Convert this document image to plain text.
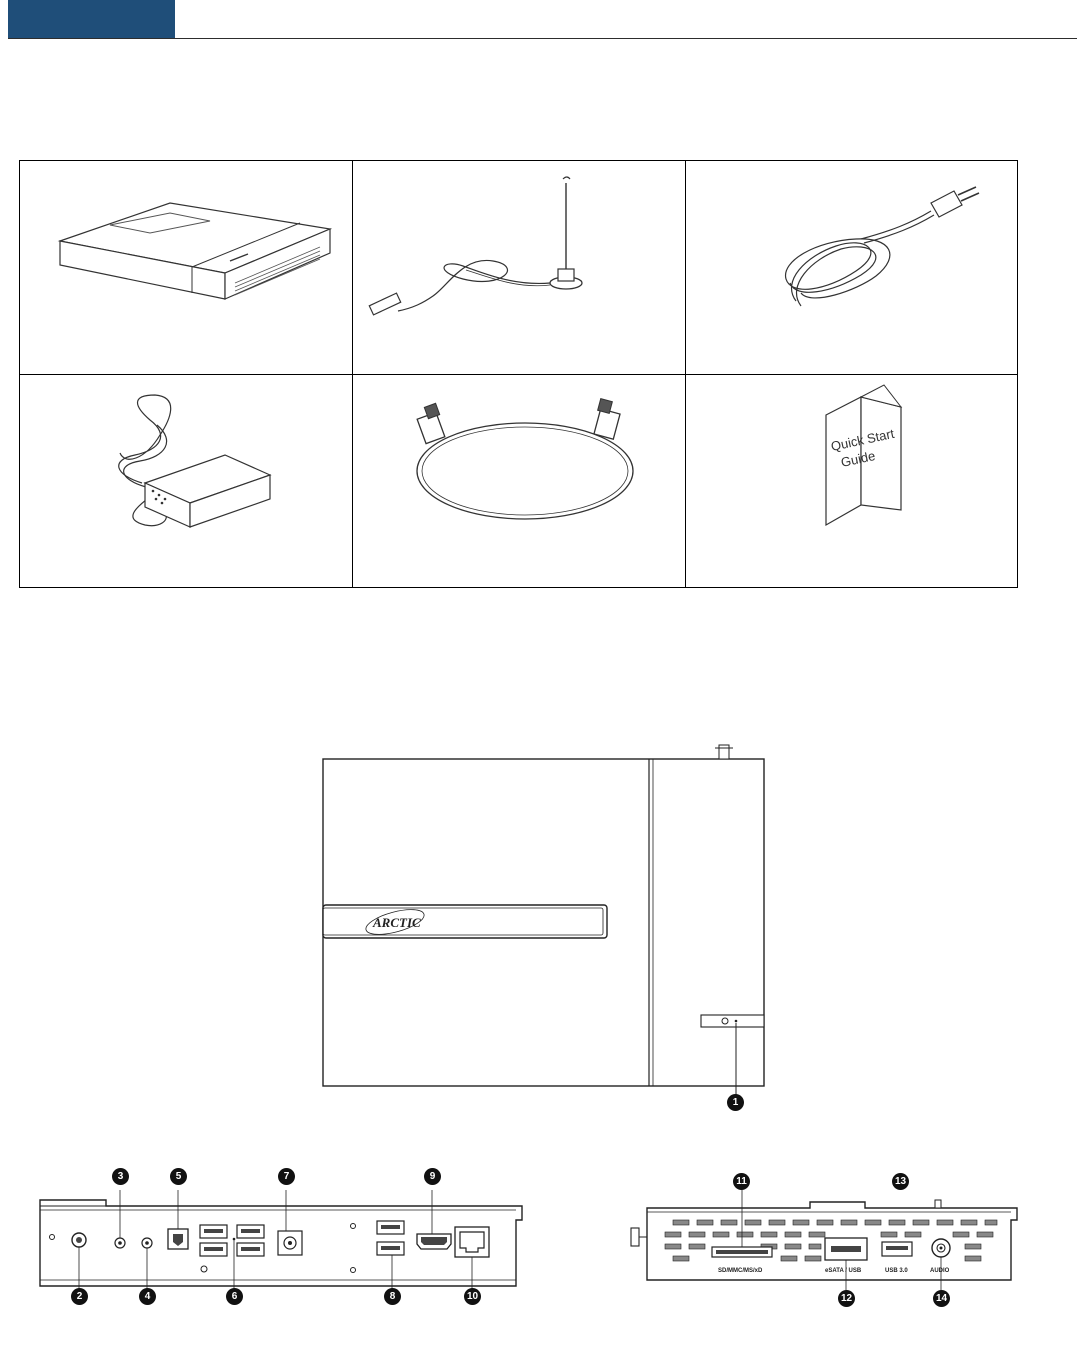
Quick Start
Guide
ARCTIC
1
3	5	7	9
2	4	6	8	10
SD/MMC/MS/xD	eSATA / USB	USB 3.0	AUDIO
11	13
12	14
